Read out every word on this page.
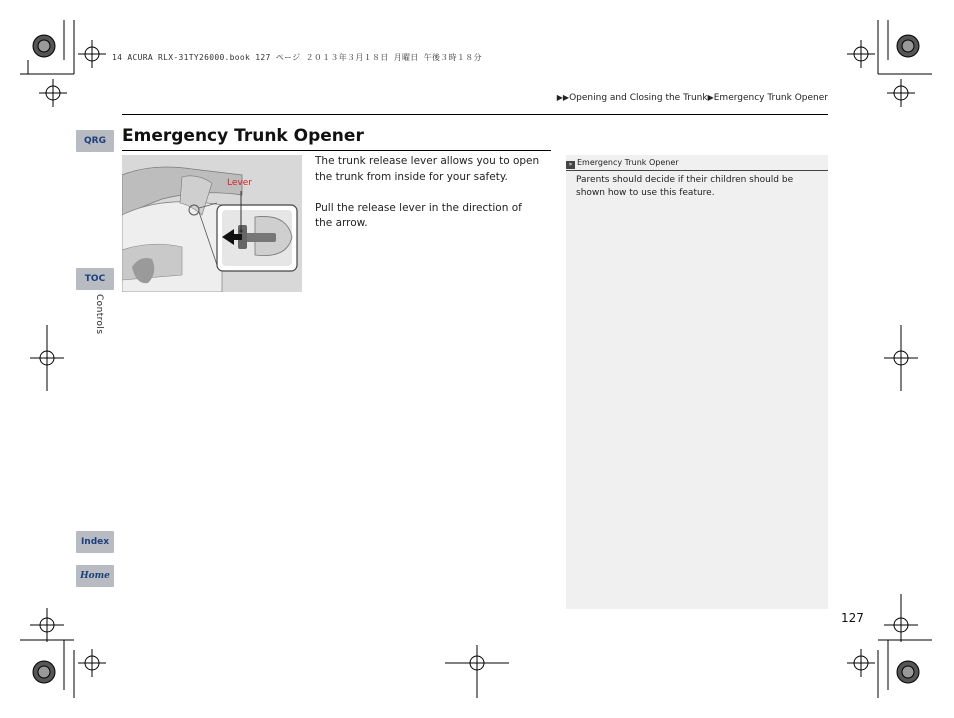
14 ACURA RLX-31TY26000.book 127 ページ ２０１３年３月１８日 月曜日 午後３時１８分
▶▶Opening and Closing the Trunk▶Emergency Trunk Opener
QRG
TOC
Controls
Index
Home
Emergency Trunk Opener
Lever

The trunk release lever allows you to open the trunk from inside for your safety.

Pull the release lever in the direction of the arrow.

» Emergency Trunk Opener
Parents should decide if their children should be shown how to use this feature.
127
